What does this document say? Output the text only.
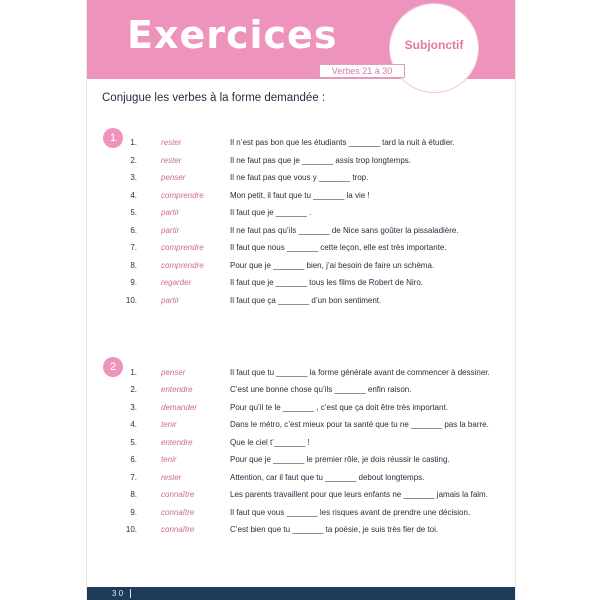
Exercices	Subjonctif
Verbes 21 à 30
Conjugue les verbes à la forme demandée :
1	1.	rester	Il n’est pas bon que les étudiants _______ tard la nuit à étudier.
2.	rester	Il ne faut pas que je _______ assis trop longtemps.
3.	penser	Il ne faut pas que vous y _______ trop.
4.	comprendre	Mon petit, il faut que tu _______ la vie !
5.	partir	Il faut que je _______ .
6.	partir	Il ne faut pas qu’ils _______ de Nice sans goûter la pissaladière.
7.	comprendre	Il faut que nous _______ cette leçon, elle est très importante.
8.	comprendre	Pour que je _______ bien, j’ai besoin de faire un schéma.
9.	regarder	Il faut que je _______ tous les films de Robert de Niro.
10.	partir	Il faut que ça _______ d’un bon sentiment.
2	1.	penser	Il faut que tu _______ la forme générale avant de commencer à dessiner.
2.	entendre	C’est une bonne chose qu’ils _______ enfin raison.
3.	demander	Pour qu’il te le _______ , c’est que ça doit être très important.
4.	tenir	Dans le métro, c’est mieux pour ta santé que tu ne _______ pas la barre.
5.	entendre	Que le ciel t’_______ !
6.	tenir	Pour que je _______ le premier rôle, je dois réussir le casting.
7.	rester	Attention, car il faut que tu _______ debout longtemps.
8.	connaître	Les parents travaillent pour que leurs enfants ne _______ jamais la faim.
9.	connaître	Il faut que vous _______ les risques avant de prendre une décision.
10.	connaître	C’est bien que tu _______ ta poésie, je suis très fier de toi.
3 0
